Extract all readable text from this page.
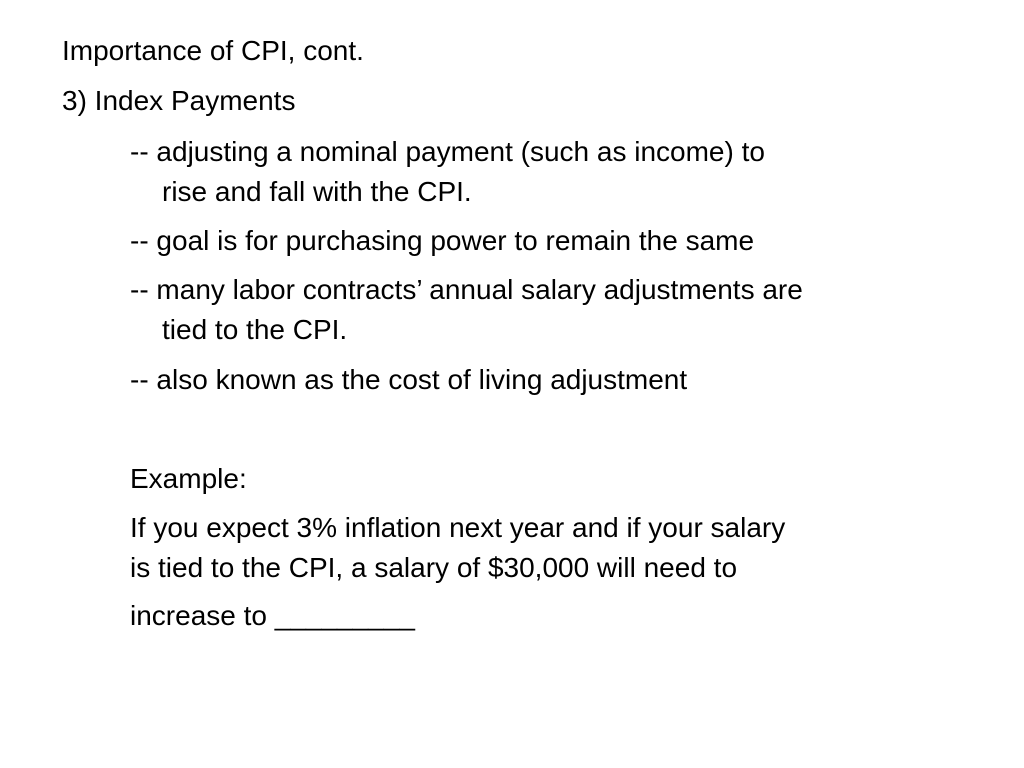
Importance of CPI, cont.
3) Index Payments
-- adjusting a nominal payment (such as income) to
rise and fall with the CPI.
-- goal is for purchasing power to remain the same
-- many labor contracts’ annual salary adjustments are
tied to the CPI.
-- also known as the cost of living adjustment
Example:
If you expect 3% inflation next year and if your salary
is tied to the CPI, a salary of $30,000 will need to
increase to _________
